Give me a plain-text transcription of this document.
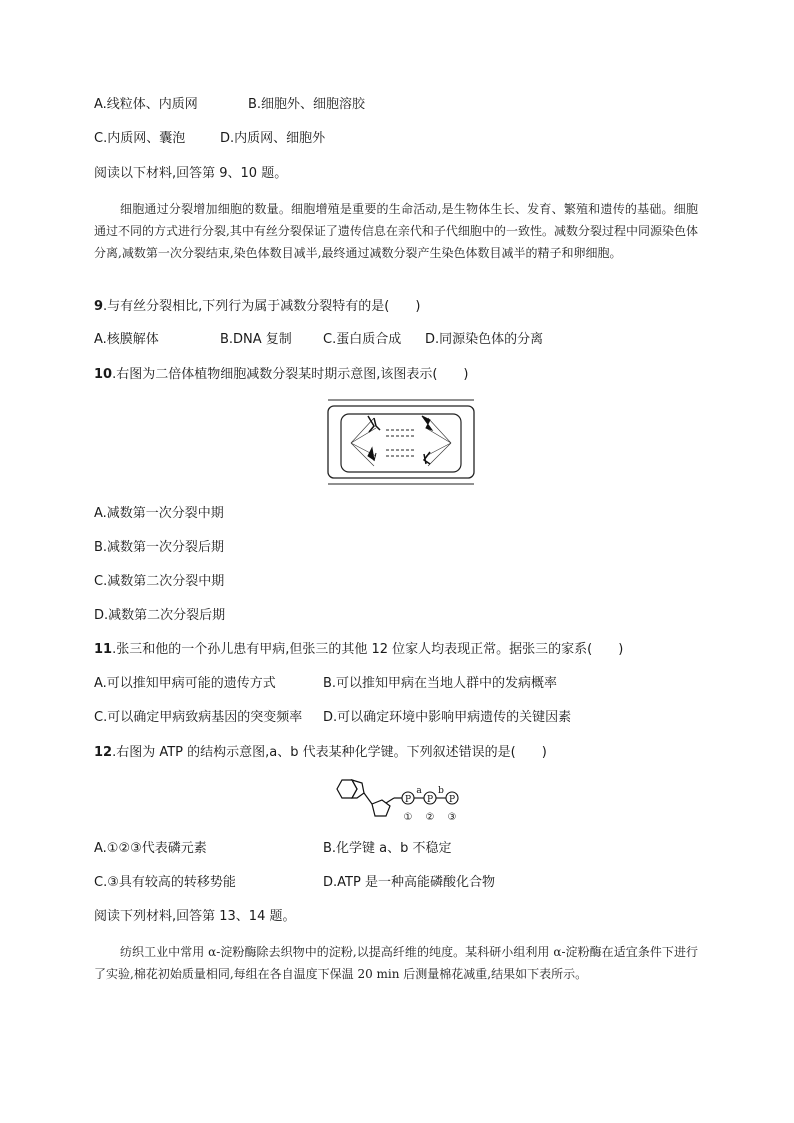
A.线粒体、内质网	B.细胞外、细胞溶胶
C.内质网、囊泡	D.内质网、细胞外
阅读以下材料,回答第 9、10 题。
细胞通过分裂增加细胞的数量。细胞增殖是重要的生命活动,是生物体生长、发育、繁殖和遗传的基础。细胞通过不同的方式进行分裂,其中有丝分裂保证了遗传信息在亲代和子代细胞中的一致性。减数分裂过程中同源染色体分离,减数第一次分裂结束,染色体数目减半,最终通过减数分裂产生染色体数目减半的精子和卵细胞。
9.与有丝分裂相比,下列行为属于减数分裂特有的是(　　)
A.核膜解体	B.DNA 复制 C.蛋白质合成 D.同源染色体的分离
10.右图为二倍体植物细胞减数分裂某时期示意图,该图表示(　　)
A.减数第一次分裂中期
B.减数第一次分裂后期
C.减数第二次分裂中期
D.减数第二次分裂后期
11.张三和他的一个孙儿患有甲病,但张三的其他 12 位家人均表现正常。据张三的家系(　　)
A.可以推知甲病可能的遗传方式	B.可以推知甲病在当地人群中的发病概率
C.可以确定甲病致病基因的突变频率 D.可以确定环境中影响甲病遗传的关键因素
12.右图为 ATP 的结构示意图,a、b 代表某种化学键。下列叙述错误的是(　　)
P P P
a b
① ② ③
A.①②③代表磷元素	B.化学键 a、b 不稳定
C.③具有较高的转移势能	D.ATP 是一种高能磷酸化合物
阅读下列材料,回答第 13、14 题。
纺织工业中常用 α-淀粉酶除去织物中的淀粉,以提高纤维的纯度。某科研小组利用 α-淀粉酶在适宜条件下进行了实验,棉花初始质量相同,每组在各自温度下保温 20 min 后测量棉花减重,结果如下表所示。
